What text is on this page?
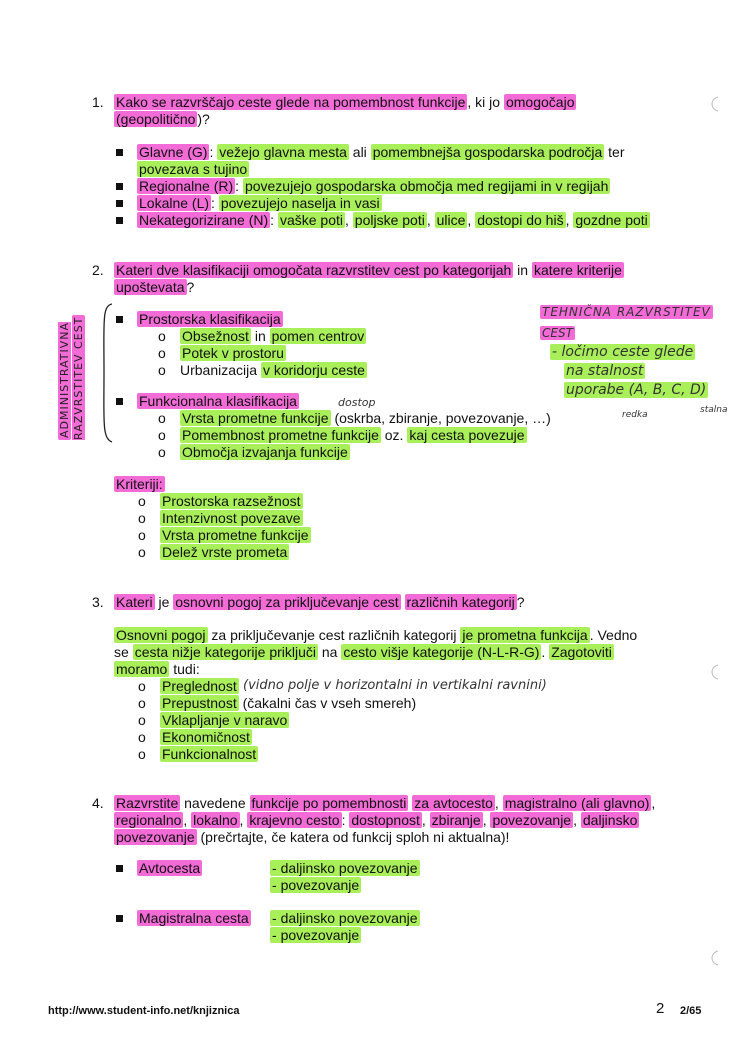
1. Kako se razvrščajo ceste glede na pomembnost funkcije , ki jo omogočajo
(geopolitično )?
Glavne (G) : vežejo glavna mesta ali pomembnejša gospodarska področja ter
povezava s tujino
Regionalne (R) : povezujejo gospodarska območja med regijami in v regijah
Lokalne (L) : povezujejo naselja in vasi
Nekategorizirane (N) : vaške poti , poljske poti , ulice , dostopi do hiš , gozdne poti
2. Kateri dve klasifikaciji omogočata razvrstitev cest po kategorijah in katere kriterije
upoštevata ?
ADMINISTRATIVNA RAZVRSTITEV CEST	Prostorska klasifikacija
o Obsežnost in pomen centrov
o Potek v prostoru
o Urbanizacija v koridorju ceste
dostop
Funkcionalna klasifikacija
o Vrsta prometne funkcije (oskrba, zbiranje, povezovanje, …)
o Pomembnost prometne funkcije oz. kaj cesta povezuje
o Območja izvajanja funkcije
TEHNIČNA RAZVRSTITEV
CEST
- ločimo ceste glede
na stalnost
uporabe (A, B, C, D)
redka	stalna
Kriteriji:
o Prostorska razsežnost
o Intenzivnost povezave
o Vrsta prometne funkcije
o Delež vrste prometa
3. Kateri je osnovni pogoj za priključevanje cest različnih kategorij ?
Osnovni pogoj za priključevanje cest različnih kategorij je prometna funkcija . Vedno
se cesta nižje kategorije priključi na cesto višje kategorije (N-L-R-G) . Zagotoviti
moramo tudi:
o Preglednost (vidno polje v horizontalni in vertikalni ravnini)
o Prepustnost (čakalni čas v vseh smereh)
o Vklapljanje v naravo
o Ekonomičnost
o Funkcionalnost
4. Razvrstite navedene funkcije po pomembnosti za avtocesto , magistralno (ali glavno) ,
regionalno , lokalno , krajevno cesto : dostopnost , zbiranje , povezovanje , daljinsko
povezovanje (prečrtajte, če katera od funkcij sploh ni aktualna)!
Avtocesta	- daljinsko povezovanje
- povezovanje
Magistralna cesta - daljinsko povezovanje
- povezovanje
http://www.student-info.net/knjiznica	2 2/65
